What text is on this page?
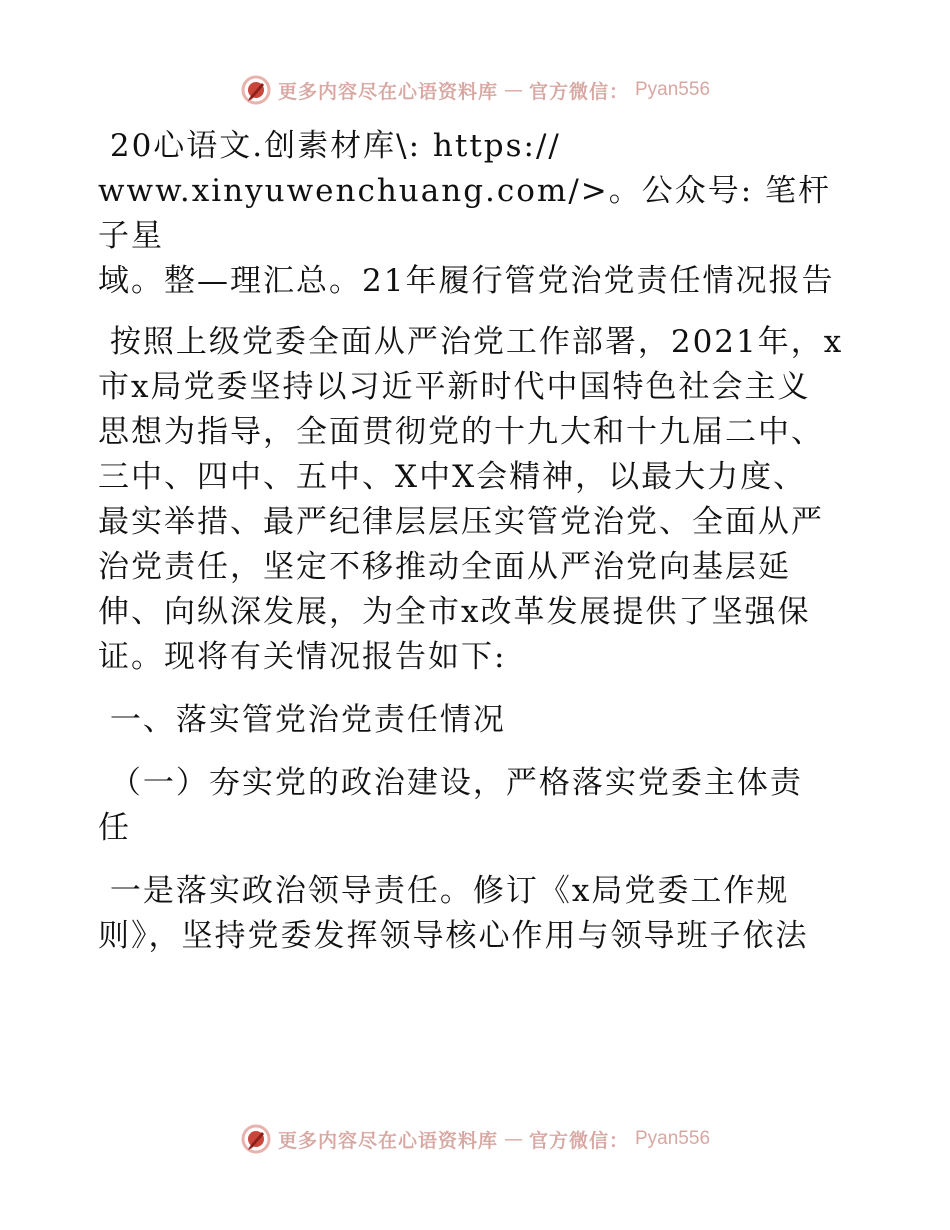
更多内容尽在心语资料库 — 官方微信： Pyan556

20心语文.创素材库\: https://

www.xinyuwenchuang.com/>。公众号: 笔杆子星

域。整—理汇总。21年履行管党治党责任情况报告

按照上级党委全面从严治党工作部署，2021年，x

市x局党委坚持以习近平新时代中国特色社会主义

思想为指导，全面贯彻党的十九大和十九届二中、

三中、四中、五中、X中X会精神，以最大力度、

最实举措、最严纪律层层压实管党治党、全面从严

治党责任，坚定不移推动全面从严治党向基层延

伸、向纵深发展，为全市x改革发展提供了坚强保

证。现将有关情况报告如下:

一、落实管党治党责任情况

（一）夯实党的政治建设，严格落实党委主体责

任

一是落实政治领导责任。修订《x局党委工作规

则》，坚持党委发挥领导核心作用与领导班子依法

更多内容尽在心语资料库 — 官方微信： Pyan556
